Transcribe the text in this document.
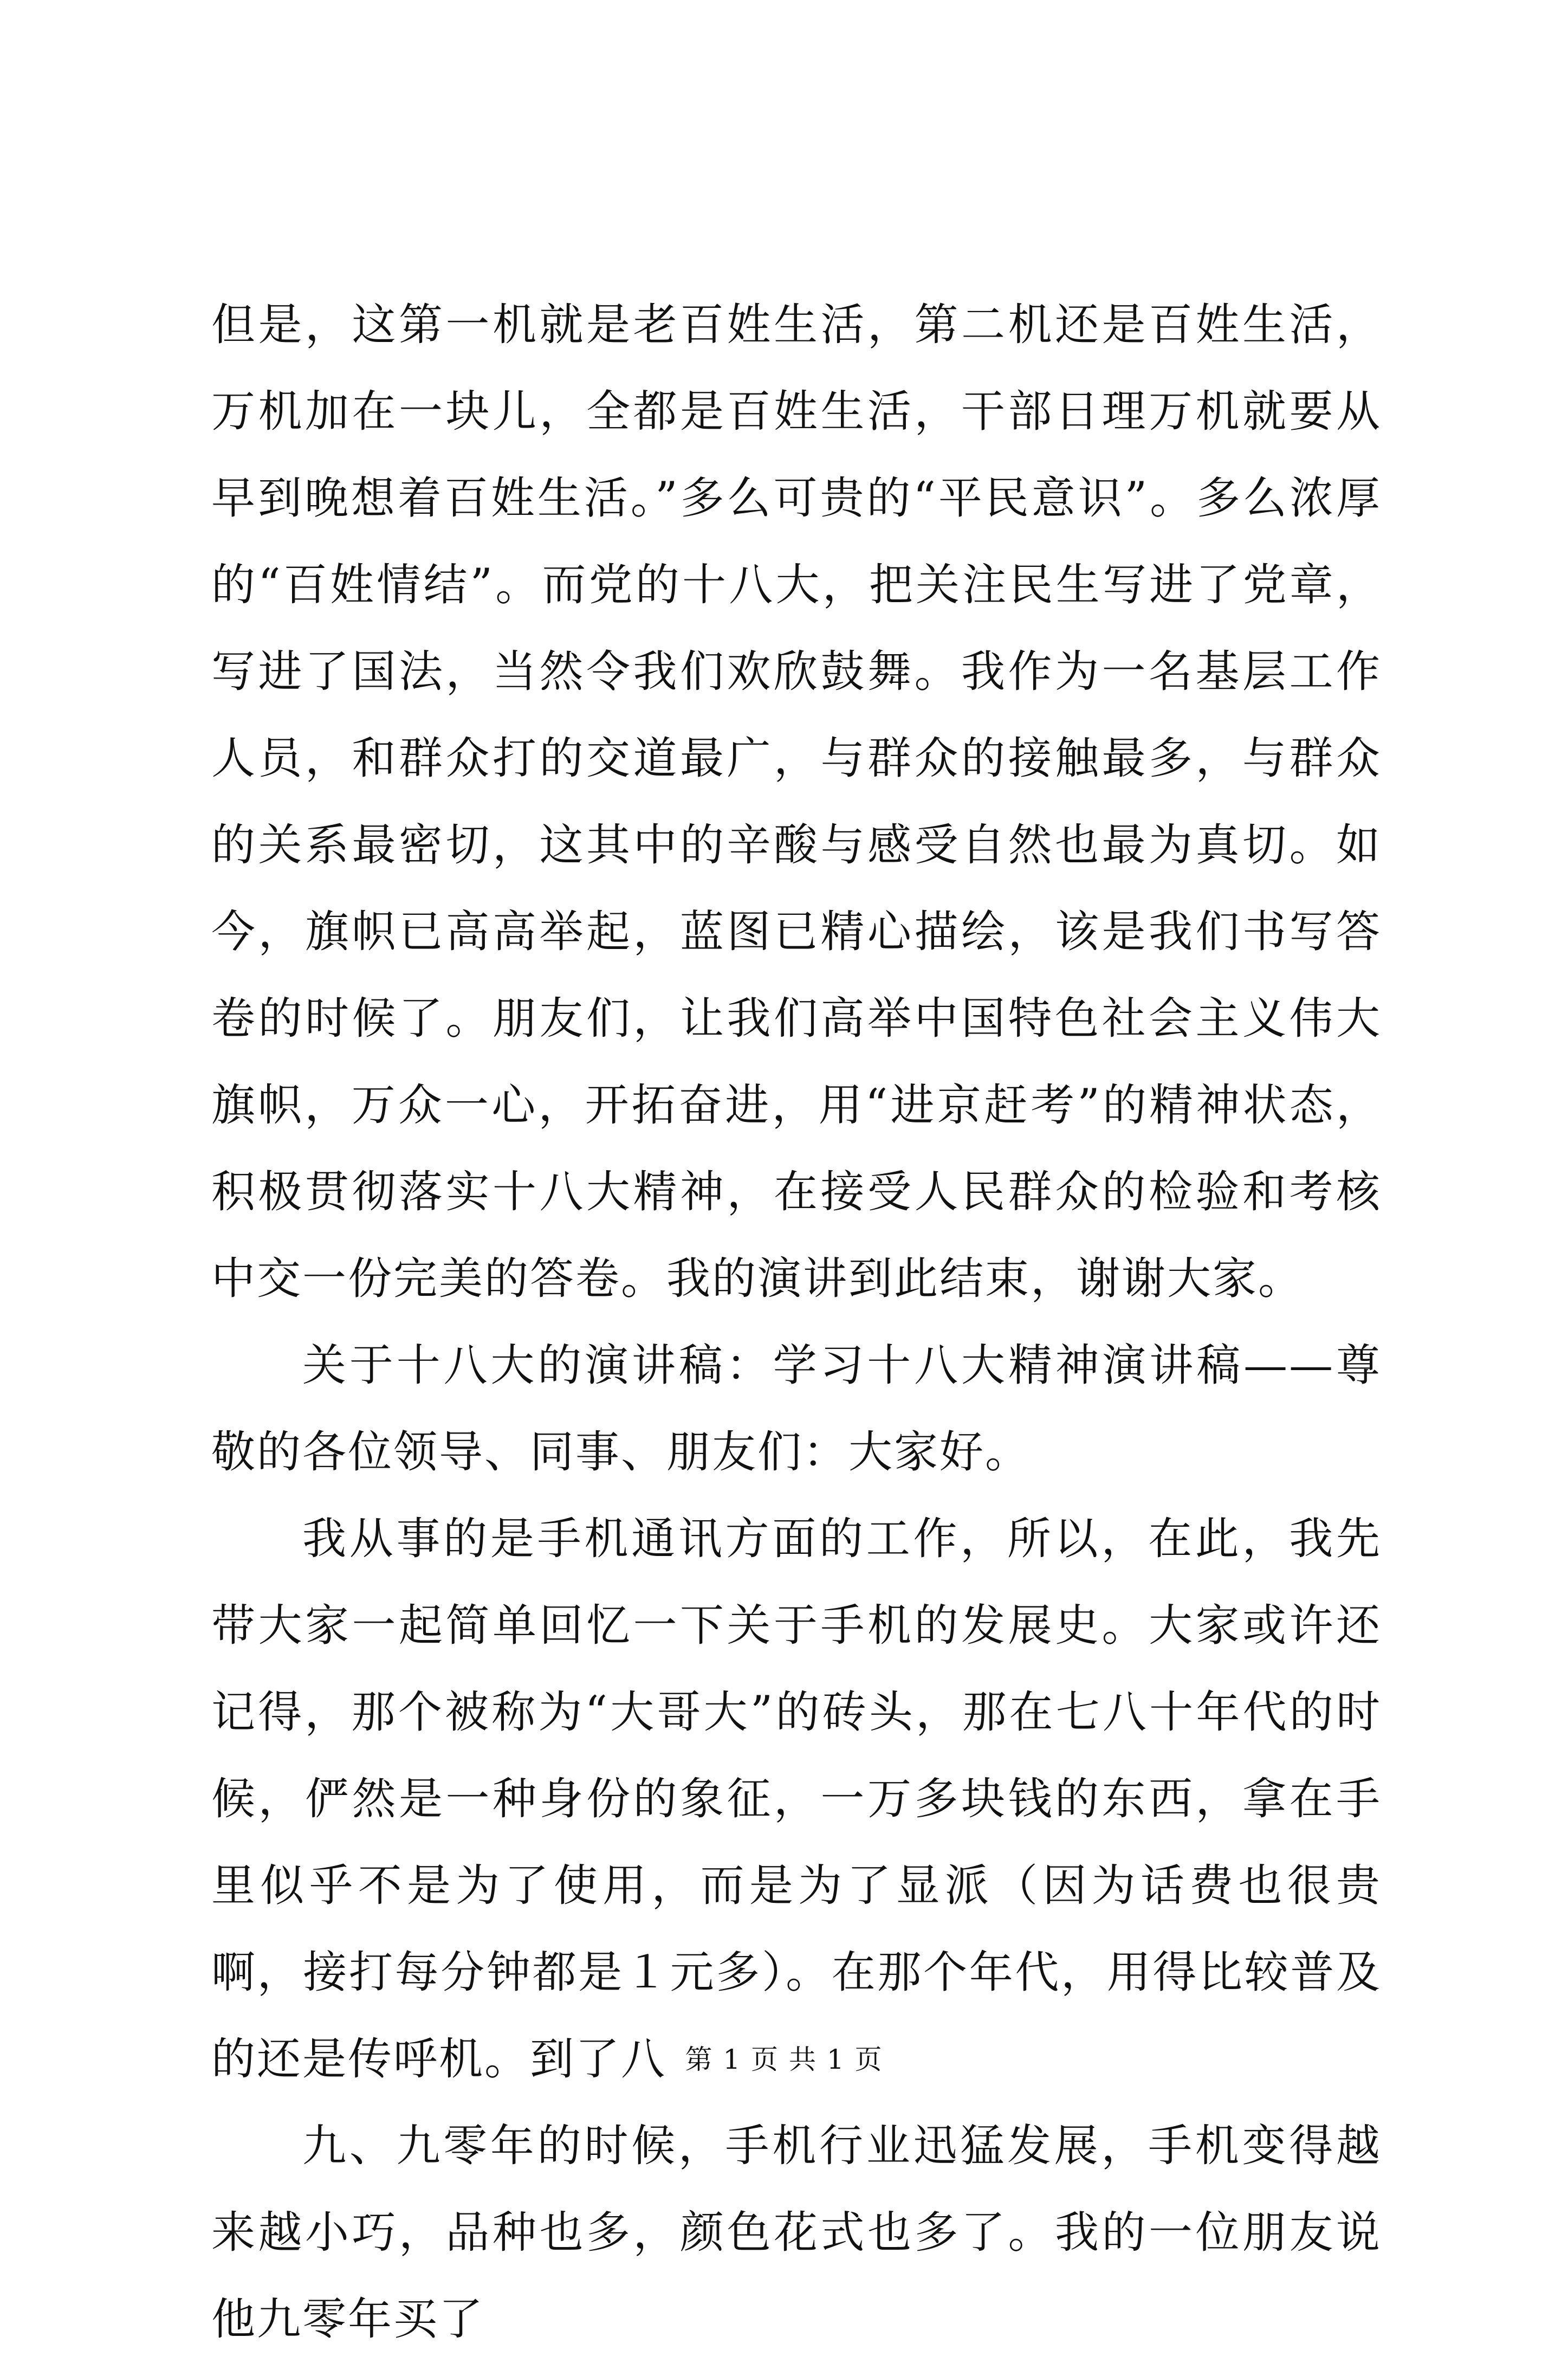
但是，这第一机就是老百姓生活，第二机还是百姓生活，万机加在一块儿，全都是百姓生活，干部日理万机就要从早到晚想着百姓生活。”多么可贵的“平民意识”。多么浓厚的“百姓情结”。而党的十八大，把关注民生写进了党章，写进了国法，当然令我们欢欣鼓舞。我作为一名基层工作人员，和群众打的交道最广，与群众的接触最多，与群众的关系最密切，这其中的辛酸与感受自然也最为真切。如今，旗帜已高高举起，蓝图已精心描绘，该是我们书写答卷的时候了。朋友们，让我们高举中国特色社会主义伟大旗帜，万众一心，开拓奋进，用“进京赶考”的精神状态，积极贯彻落实十八大精神，在接受人民群众的检验和考核中交一份完美的答卷。我的演讲到此结束，谢谢大家。

关于十八大的演讲稿：学习十八大精神演讲稿——尊敬的各位领导、同事、朋友们：大家好。

我从事的是手机通讯方面的工作，所以，在此，我先带大家一起简单回忆一下关于手机的发展史。大家或许还记得，那个被称为“大哥大”的砖头，那在七八十年代的时候，俨然是一种身份的象征，一万多块钱的东西，拿在手里似乎不是为了使用，而是为了显派（因为话费也很贵啊，接打每分钟都是１元多）。在那个年代，用得比较普及的还是传呼机。到了八

九、九零年的时候，手机行业迅猛发展，手机变得越来越小巧，品种也多，颜色花式也多了。我的一位朋友说他九零年买了

第 1 页 共 1 页
